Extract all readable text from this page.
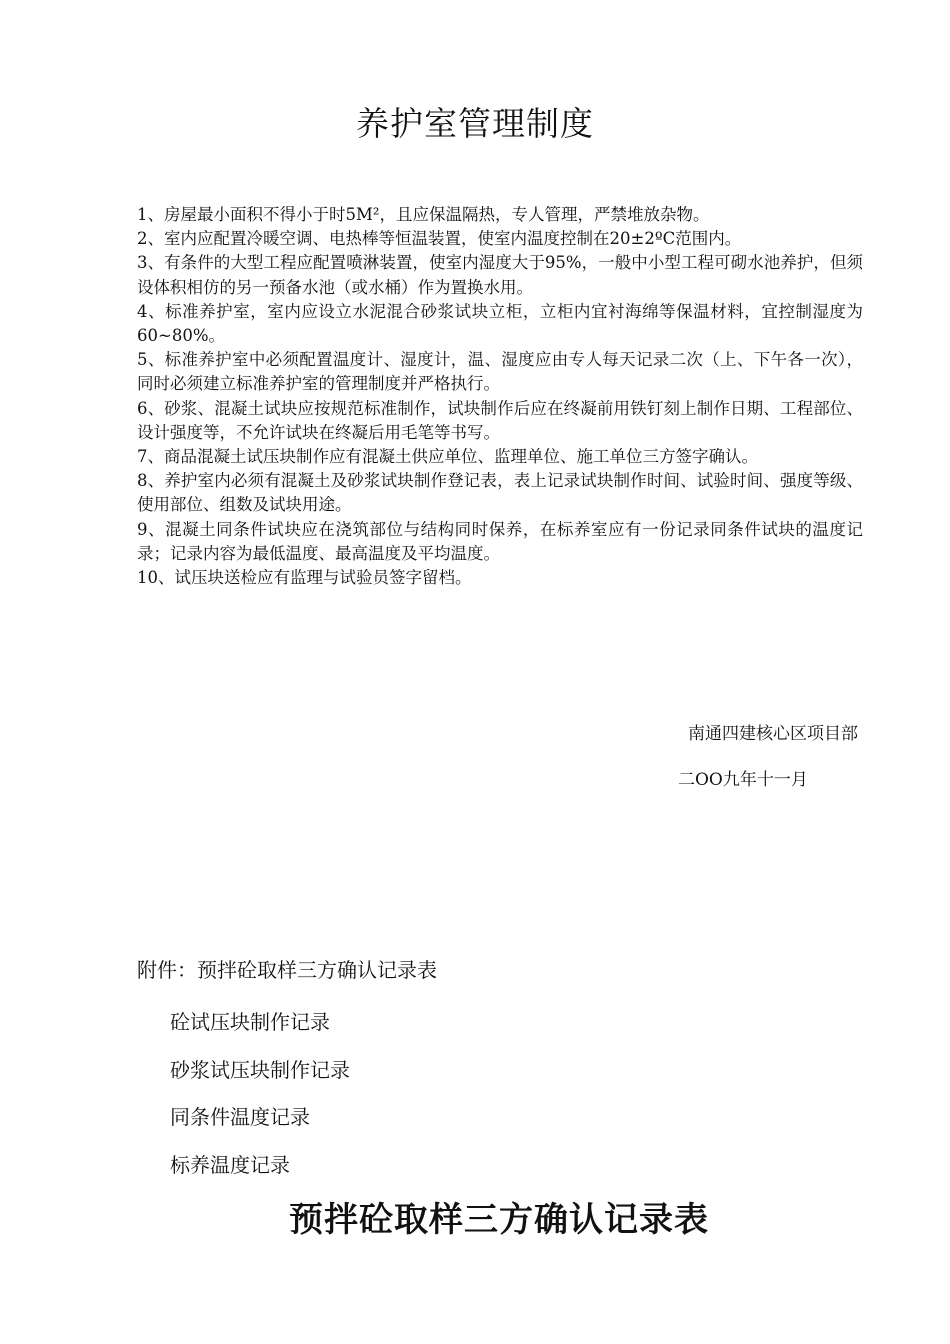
养护室管理制度
1、房屋最小面积不得小于时5M²，且应保温隔热，专人管理，严禁堆放杂物。
2、室内应配置冷暖空调、电热棒等恒温装置，使室内温度控制在20±2ºC范围内。
3、有条件的大型工程应配置喷淋装置，使室内湿度大于95%，一般中小型工程可砌水池养护，但须设体积相仿的另一预备水池（或水桶）作为置换水用。
4、标准养护室，室内应设立水泥混合砂浆试块立柜，立柜内宜衬海绵等保温材料，宜控制湿度为60~80%。
5、标准养护室中必须配置温度计、湿度计，温、湿度应由专人每天记录二次（上、下午各一次），同时必须建立标准养护室的管理制度并严格执行。
6、砂浆、混凝土试块应按规范标准制作，试块制作后应在终凝前用铁钉刻上制作日期、工程部位、设计强度等，不允许试块在终凝后用毛笔等书写。
7、商品混凝土试压块制作应有混凝土供应单位、监理单位、施工单位三方签字确认。
8、养护室内必须有混凝土及砂浆试块制作登记表，表上记录试块制作时间、试验时间、强度等级、使用部位、组数及试块用途。
9、混凝土同条件试块应在浇筑部位与结构同时保养，在标养室应有一份记录同条件试块的温度记录；记录内容为最低温度、最高温度及平均温度。
10、试压块送检应有监理与试验员签字留档。

南通四建核心区项目部

二OO九年十一月

附件：预拌砼取样三方确认记录表

砼试压块制作记录
砂浆试压块制作记录
同条件温度记录
标养温度记录
预拌砼取样三方确认记录表
